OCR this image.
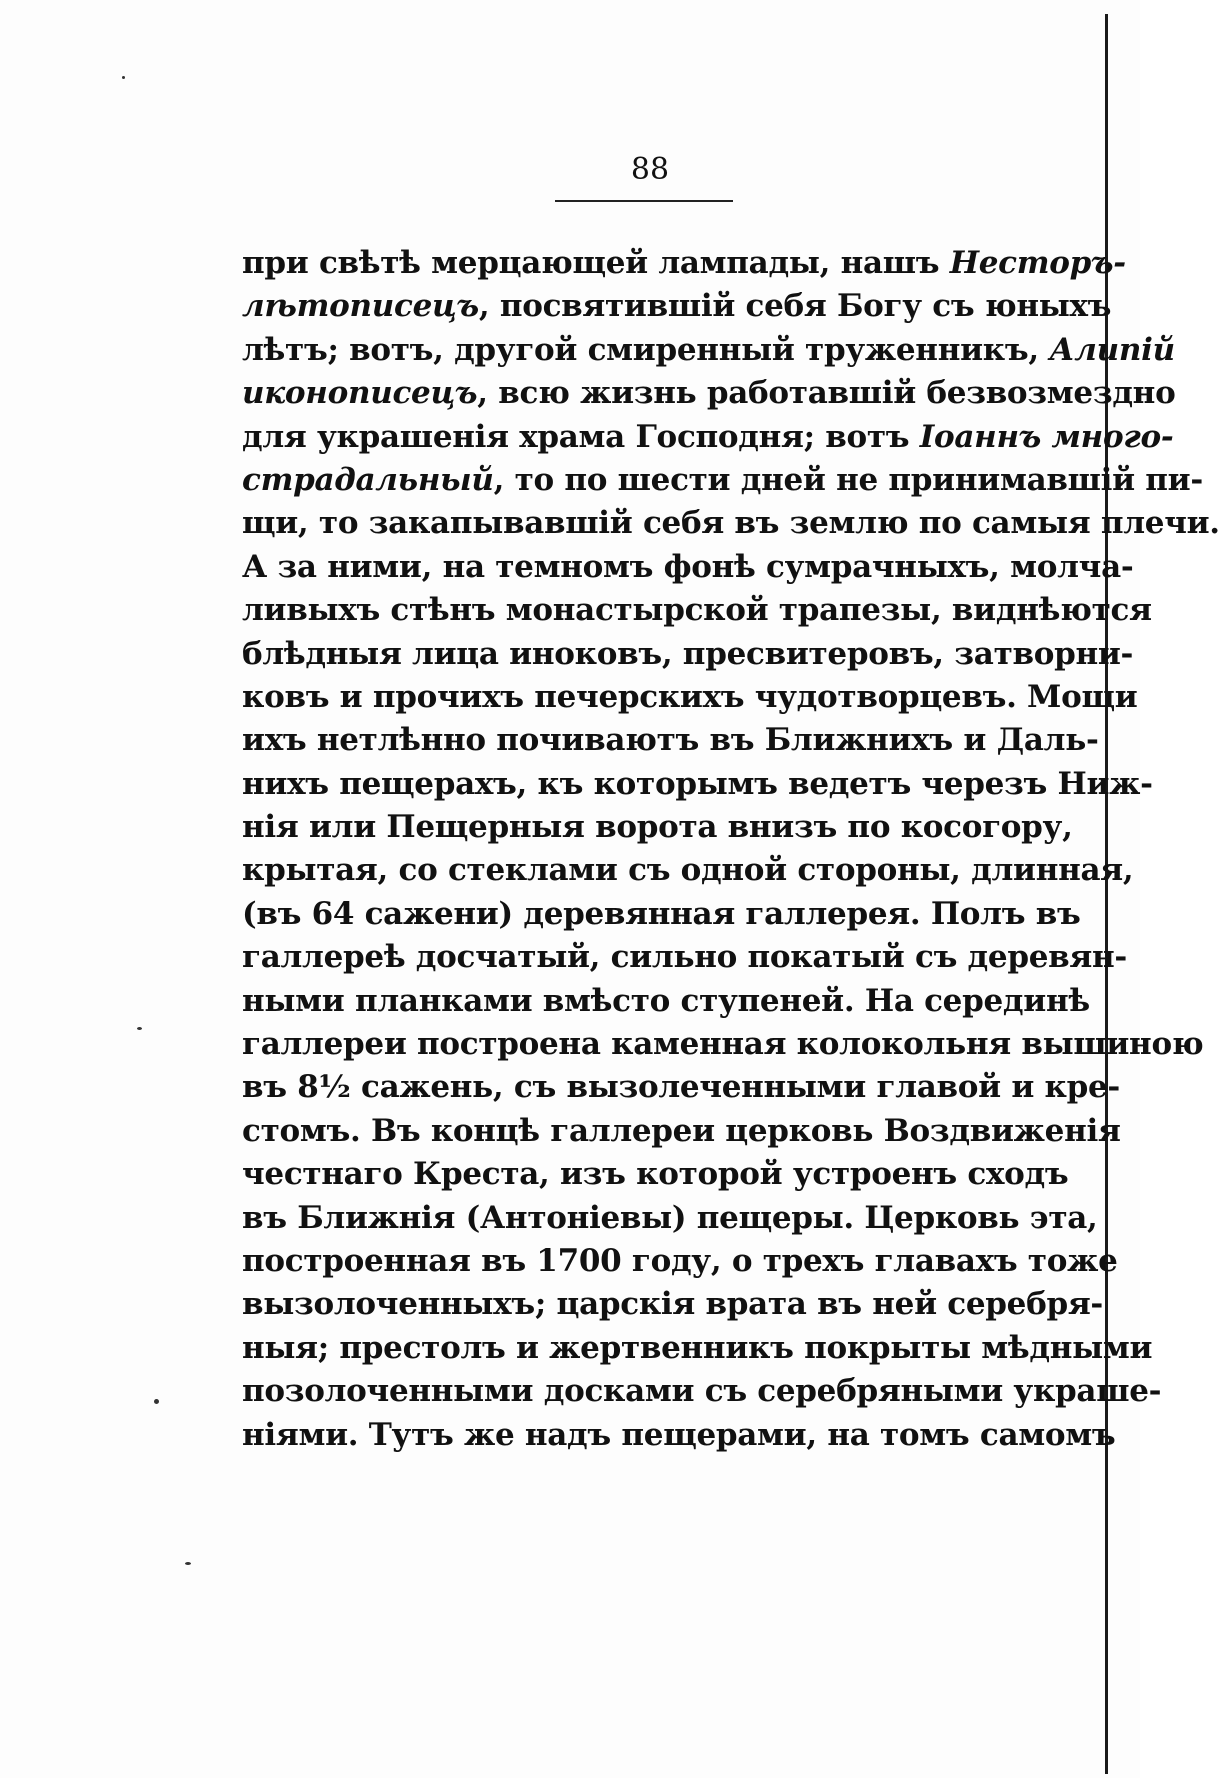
88
при свѣтѣ мерцающей лампады, нашъ Несторъ-
лѣтописецъ, посвятившій себя Богу съ юныхъ
лѣтъ; вотъ, другой смиренный труженникъ, Алипій
иконописецъ, всю жизнь работавшій безвозмездно
для украшенія храма Господня; вотъ Іоаннъ много-
страдальный, то по шести дней не принимавшій пи-
щи, то закапывавшій себя въ землю по самыя плечи.
А за ними, на темномъ фонѣ сумрачныхъ, молча-
ливыхъ стѣнъ монастырской трапезы, виднѣются
блѣдныя лица иноковъ, пресвитеровъ, затворни-
ковъ и прочихъ печерскихъ чудотворцевъ. Мощи
ихъ нетлѣнно почиваютъ въ Ближнихъ и Даль-
нихъ пещерахъ, къ которымъ ведетъ черезъ Ниж-
нія или Пещерныя ворота внизъ по косогору,
крытая, со стеклами съ одной стороны, длинная,
(въ 64 сажени) деревянная галлерея. Полъ въ
галлереѣ досчатый, сильно покатый съ деревян-
ными планками вмѣсто ступеней. На серединѣ
галлереи построена каменная колокольня вышиною
въ 8½ сажень, съ вызолеченными главой и кре-
стомъ. Въ концѣ галлереи церковь Воздвиженія
честнаго Креста, изъ которой устроенъ сходъ
въ Ближнія (Антоніевы) пещеры. Церковь эта,
построенная въ 1700 году, о трехъ главахъ тоже
вызолоченныхъ; царскія врата въ ней серебря-
ныя; престолъ и жертвенникъ покрыты мѣдными
позолоченными досками съ серебряными украше-
ніями. Тутъ же надъ пещерами, на томъ самомъ
